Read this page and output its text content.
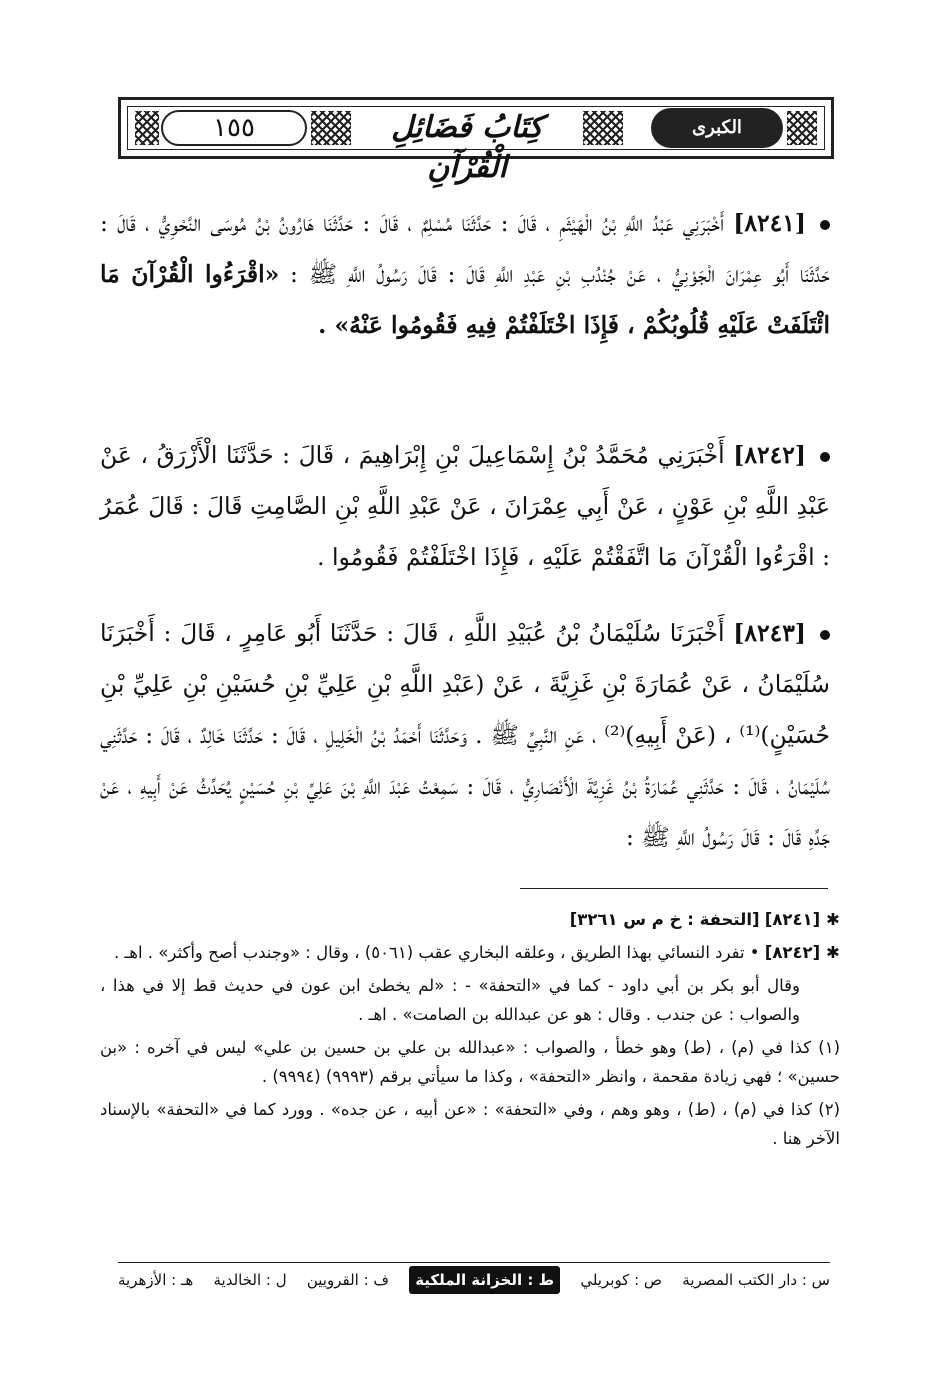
١٥٥	كِتَابُ فَضَائِلِ الْقُرْآنِ
الكبرى
[٨٢٤١] أَخْبَرَنِي عَبْدُ اللَّهِ بْنُ الْهَيْثَمِ ، قَالَ : حَدَّثَنَا مُسْلِمٌ ، قَالَ : حَدَّثَنَا هَارُونُ بْنُ مُوسَى النَّحْوِيُّ ، قَالَ : حَدَّثَنَا أَبُو عِمْرَانَ الْجَوْنِيُّ ، عَنْ جُنْدُبِ بْنِ عَبْدِ اللَّهِ قَالَ : قَالَ رَسُولُ اللَّهِ ﷺ : «اقْرَءُوا الْقُرْآنَ مَا ائْتَلَفَتْ عَلَيْهِ قُلُوبُكُمْ ، فَإِذَا اخْتَلَفْتُمْ فِيهِ فَقُومُوا عَنْهُ» .
[٨٢٤٢] أَخْبَرَنِي مُحَمَّدُ بْنُ إِسْمَاعِيلَ بْنِ إِبْرَاهِيمَ ، قَالَ : حَدَّثَنَا الْأَزْرَقُ ، عَنْ عَبْدِ اللَّهِ بْنِ عَوْنٍ ، عَنْ أَبِي عِمْرَانَ ، عَنْ عَبْدِ اللَّهِ بْنِ الصَّامِتِ قَالَ : قَالَ عُمَرُ : اقْرَءُوا الْقُرْآنَ مَا اتَّفَقْتُمْ عَلَيْهِ ، فَإِذَا اخْتَلَفْتُمْ فَقُومُوا .
[٨٢٤٣] أَخْبَرَنَا سُلَيْمَانُ بْنُ عُبَيْدِ اللَّهِ ، قَالَ : حَدَّثَنَا أَبُو عَامِرٍ ، قَالَ : أَخْبَرَنَا سُلَيْمَانُ ، عَنْ عُمَارَةَ بْنِ غَزِيَّةَ ، عَنْ (عَبْدِ اللَّهِ بْنِ عَلِيِّ بْنِ حُسَيْنِ بْنِ عَلِيِّ بْنِ حُسَيْنٍ)⁽¹⁾ ، (عَنْ أَبِيهِ)⁽²⁾ ، عَنِ النَّبِيِّ ﷺ . وَحَدَّثَنَا أَحْمَدُ بْنُ الْخَلِيلِ ، قَالَ : حَدَّثَنَا خَالِدٌ ، قَالَ : حَدَّثَنِي سُلَيْمَانُ ، قَالَ : حَدَّثَنِي عُمَارَةُ بْنُ غَزِيَّةَ الْأَنْصَارِيُّ ، قَالَ : سَمِعْتُ عَبْدَ اللَّهِ بْنَ عَلِيِّ بْنِ حُسَيْنٍ يُحَدِّثُ عَنْ أَبِيهِ ، عَنْ جَدِّهِ قَالَ : قَالَ رَسُولُ اللَّهِ ﷺ :

✱[٨٢٤١] [التحفة : خ م س ٣٢٦١]

✱[٨٢٤٢] • تفرد النسائي بهذا الطريق ، وعلقه البخاري عقب (٥٠٦١) ، وقال : «وجندب أصح وأكثر» . اهـ .

وقال أبو بكر بن أبي داود - كما في «التحفة» - : «لم يخطئ ابن عون في حديث قط إلا في هذا ، والصواب : عن جندب . وقال : هو عن عبدالله بن الصامت» . اهـ .

(١) كذا في (م) ، (ط) وهو خطأ ، والصواب : «عبدالله بن علي بن حسين بن علي» ليس في آخره : «بن حسين» ؛ فهي زيادة مقحمة ، وانظر «التحفة» ، وكذا ما سيأتي برقم (٩٩٩٣) (٩٩٩٤) .

(٢) كذا في (م) ، (ط) ، وهو وهم ، وفي «التحفة» : «عن أبيه ، عن جده» . وورد كما في «التحفة» بالإسناد الآخر هنا .

س : دار الكتب المصرية
ص : كوبريلي
ط : الخزانة الملكية
ف : القرويين
ل : الخالدية
هـ : الأزهرية
